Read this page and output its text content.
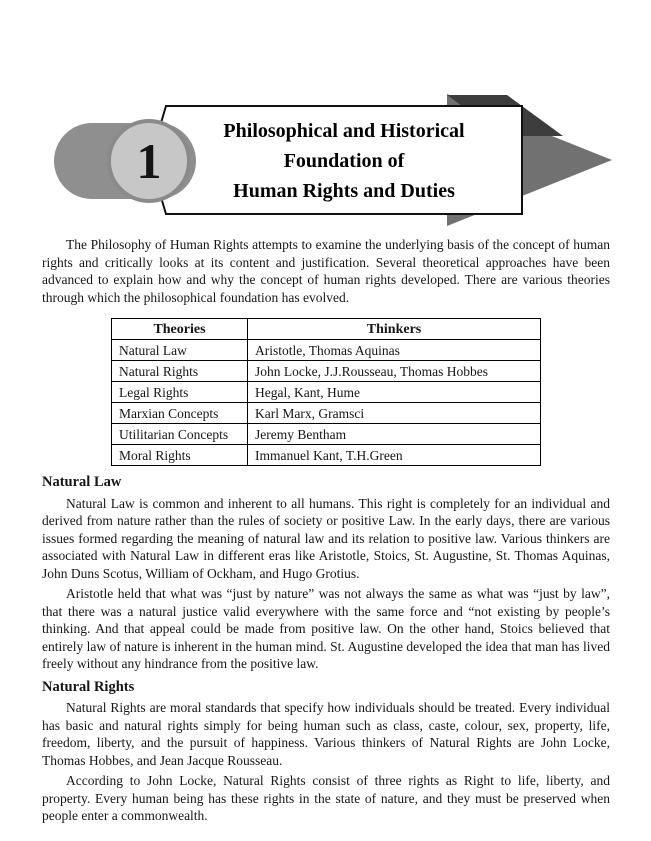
1
Philosophical and Historical
Foundation of
Human Rights and Duties

The Philosophy of Human Rights attempts to examine the underlying basis of the concept of human rights and critically looks at its content and justification. Several theoretical approaches have been advanced to explain how and why the concept of human rights developed. There are various theories through which the philosophical foundation has evolved.

Theories	Thinkers
Natural Law	Aristotle, Thomas Aquinas
Natural Rights	John Locke, J.J.Rousseau, Thomas Hobbes
Legal Rights	Hegal, Kant, Hume
Marxian Concepts	Karl Marx, Gramsci
Utilitarian Concepts	Jeremy Bentham
Moral Rights	Immanuel Kant, T.H.Green
Natural Law

Natural Law is common and inherent to all humans. This right is completely for an individual and derived from nature rather than the rules of society or positive Law. In the early days, there are various issues formed regarding the meaning of natural law and its relation to positive law. Various thinkers are associated with Natural Law in different eras like Aristotle, Stoics, St. Augustine, St. Thomas Aquinas, John Duns Scotus, William of Ockham, and Hugo Grotius.

Aristotle held that what was “just by nature” was not always the same as what was “just by law”, that there was a natural justice valid everywhere with the same force and “not existing by people’s thinking. And that appeal could be made from positive law. On the other hand, Stoics believed that entirely law of nature is inherent in the human mind. St. Augustine developed the idea that man has lived freely without any hindrance from the positive law.

Natural Rights

Natural Rights are moral standards that specify how individuals should be treated. Every individual has basic and natural rights simply for being human such as class, caste, colour, sex, property, life, freedom, liberty, and the pursuit of happiness. Various thinkers of Natural Rights are John Locke, Thomas Hobbes, and Jean Jacque Rousseau.

According to John Locke, Natural Rights consist of three rights as Right to life, liberty, and property. Every human being has these rights in the state of nature, and they must be preserved when people enter a commonwealth.
